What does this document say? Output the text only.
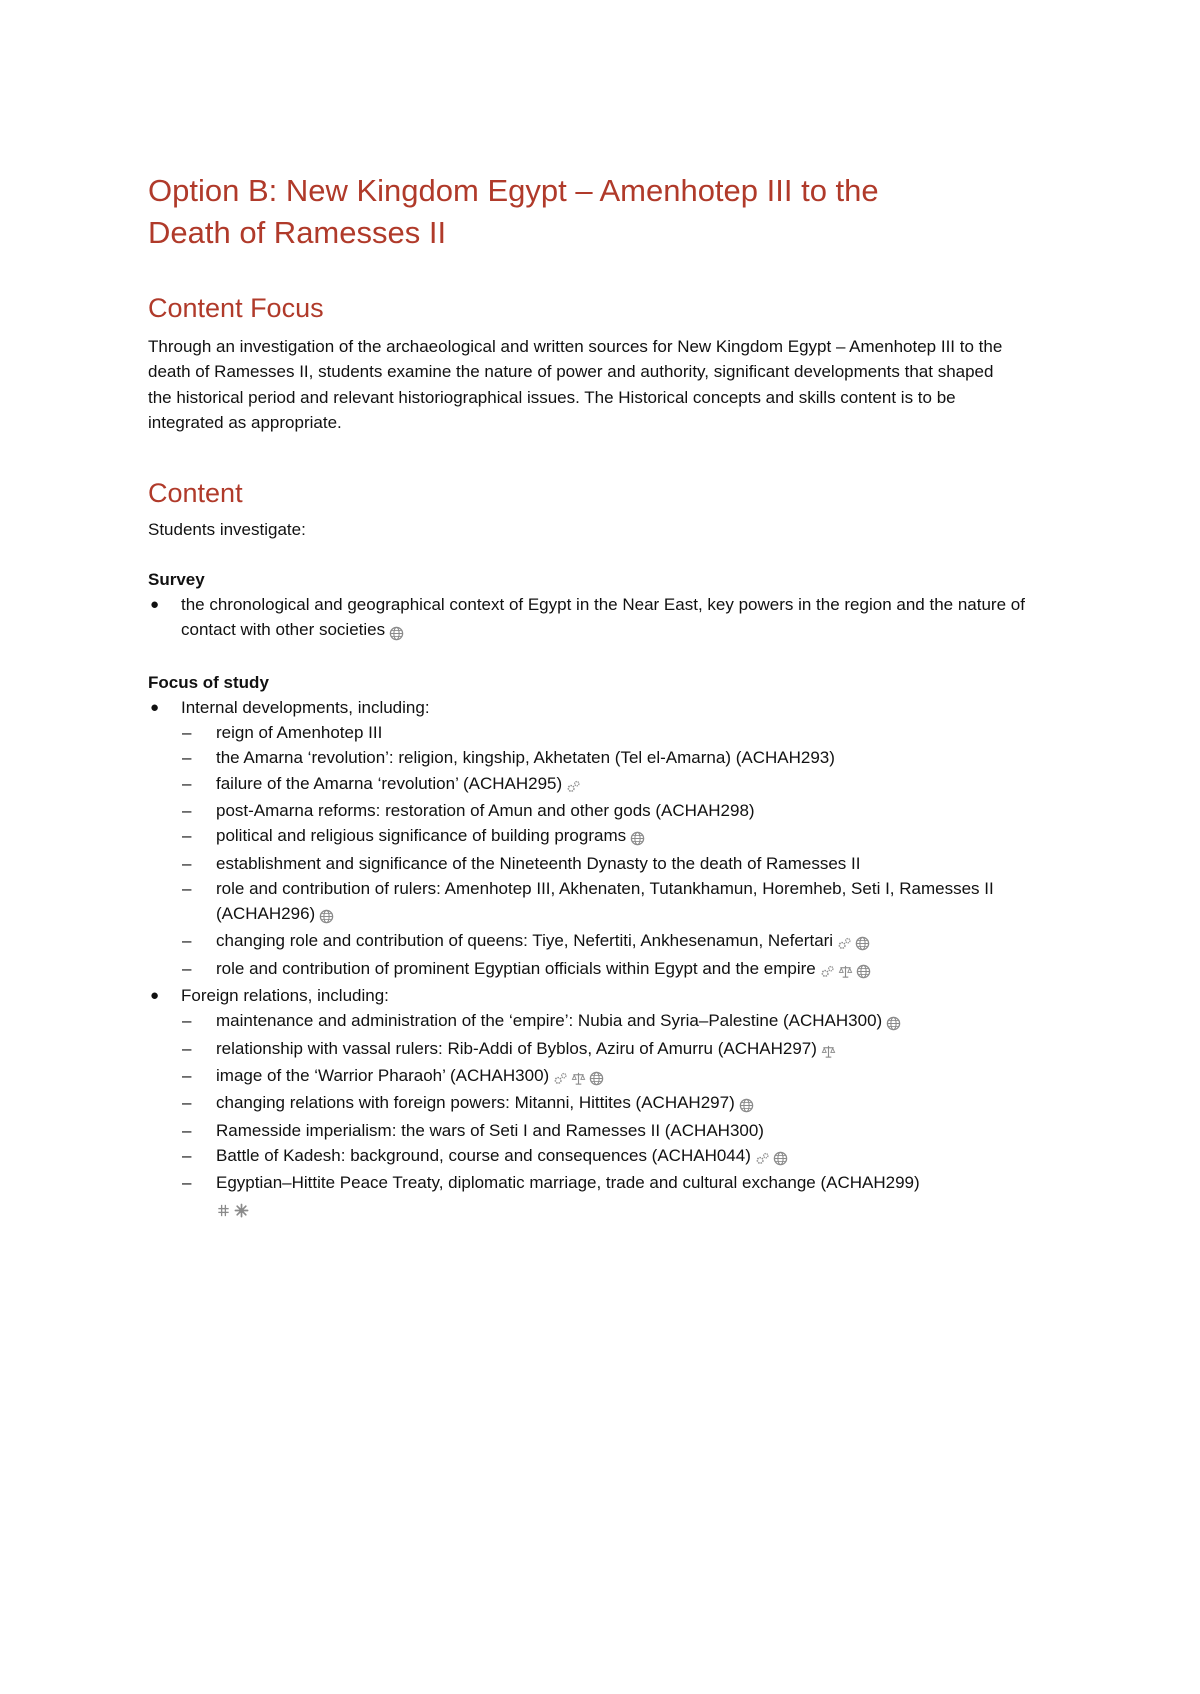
Option B: New Kingdom Egypt – Amenhotep III to the Death of Ramesses II
Content Focus

Through an investigation of the archaeological and written sources for New Kingdom Egypt – Amenhotep III to the death of Ramesses II, students examine the nature of power and authority, significant developments that shaped the historical period and relevant historiographical issues. The Historical concepts and skills content is to be integrated as appropriate.

Content

Students investigate:

Survey
● the chronological and geographical context of Egypt in the Near East, key powers in the region and the nature of contact with other societies
Focus of study
● Internal developments, including:
– reign of Amenhotep III
– the Amarna ‘revolution’: religion, kingship, Akhetaten (Tel el-Amarna) (ACHAH293)
– failure of the Amarna ‘revolution’ (ACHAH295)
– post-Amarna reforms: restoration of Amun and other gods (ACHAH298)
– political and religious significance of building programs
– establishment and significance of the Nineteenth Dynasty to the death of Ramesses II
– role and contribution of rulers: Amenhotep III, Akhenaten, Tutankhamun, Horemheb, Seti I, Ramesses II (ACHAH296)
– changing role and contribution of queens: Tiye, Nefertiti, Ankhesenamun, Nefertari
– role and contribution of prominent Egyptian officials within Egypt and the empire
● Foreign relations, including:
– maintenance and administration of the ‘empire’: Nubia and Syria–Palestine (ACHAH300)
– relationship with vassal rulers: Rib-Addi of Byblos, Aziru of Amurru (ACHAH297)
– image of the ‘Warrior Pharaoh’ (ACHAH300)
– changing relations with foreign powers: Mitanni, Hittites (ACHAH297)
– Ramesside imperialism: the wars of Seti I and Ramesses II (ACHAH300)
– Battle of Kadesh: background, course and consequences (ACHAH044)
– Egyptian–Hittite Peace Treaty, diplomatic marriage, trade and cultural exchange (ACHAH299)
